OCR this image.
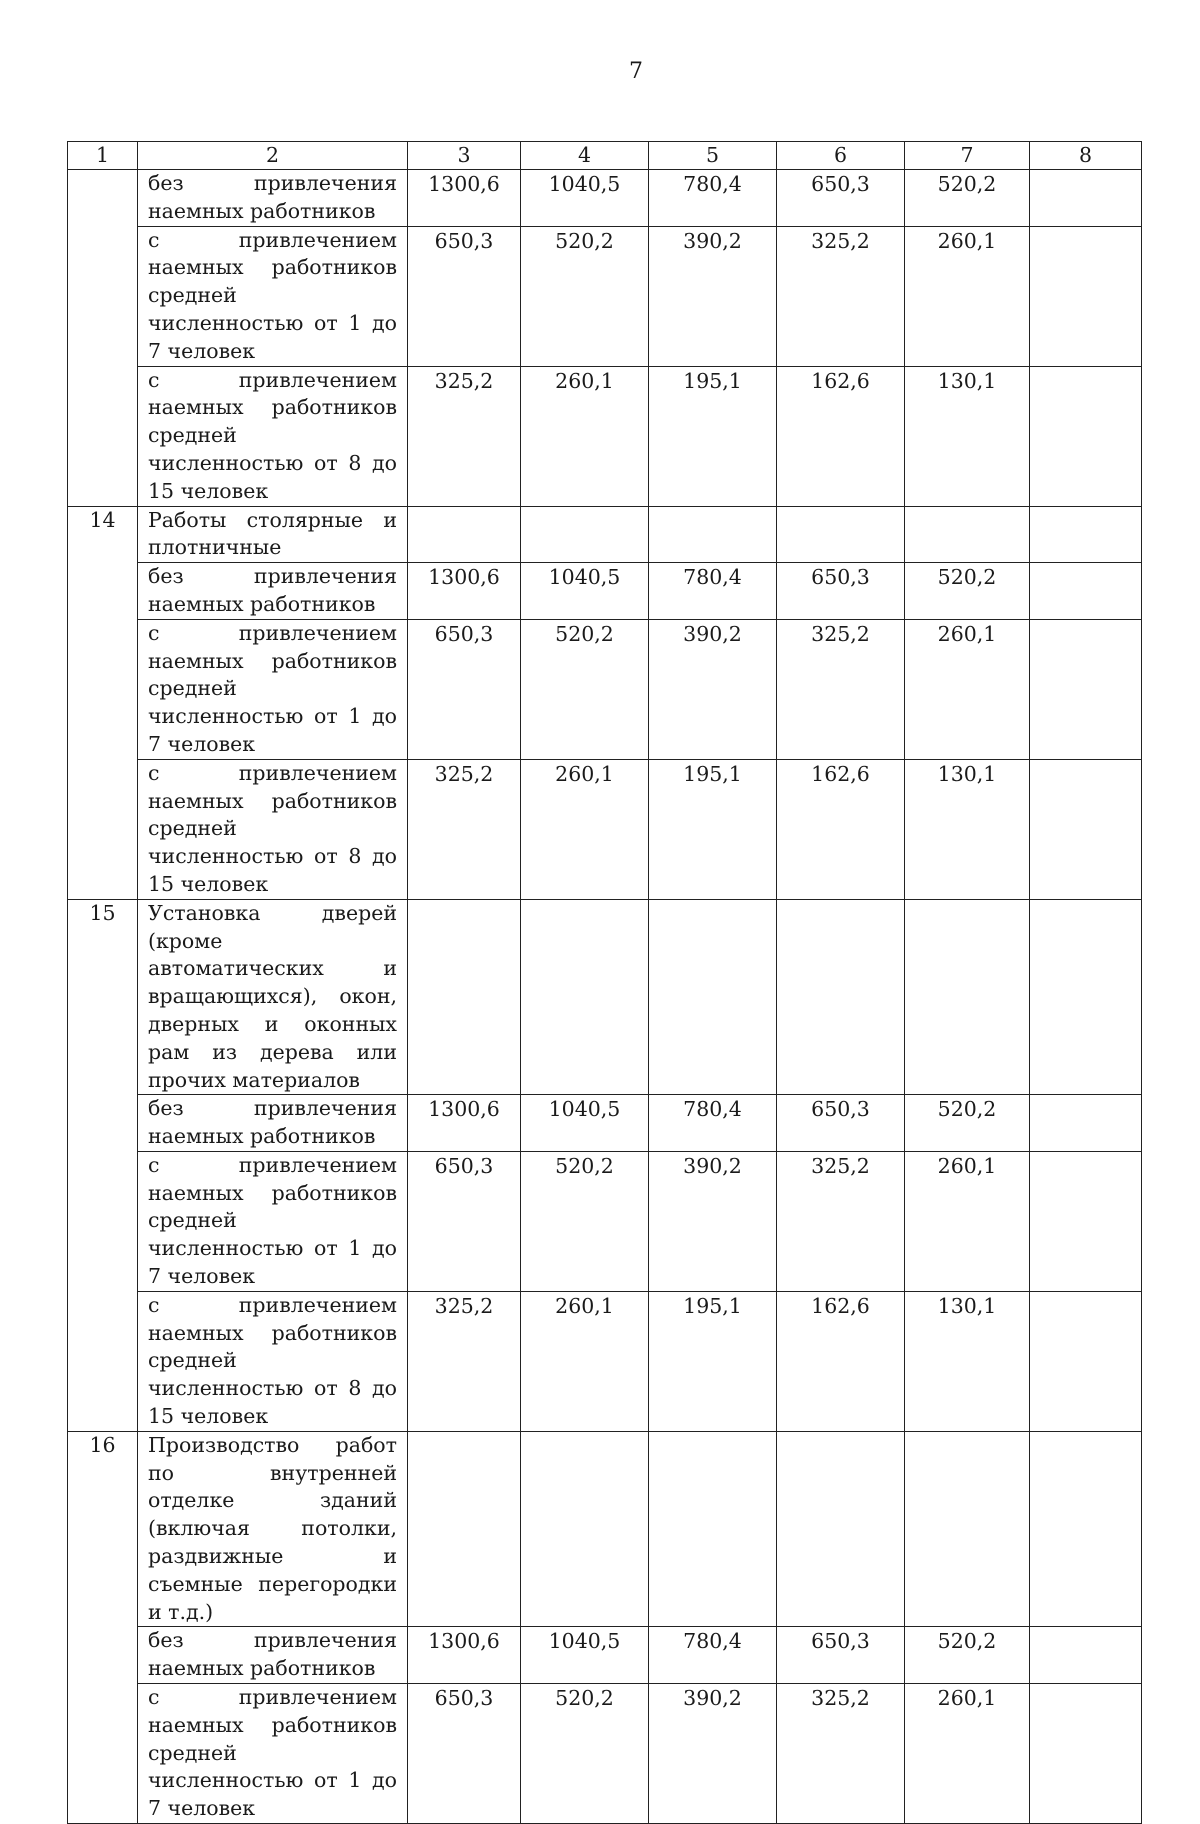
7
1	2	3	4	5	6	7	8
	без привлечения наемных работников	1300,6	1040,5	780,4	650,3	520,2	
	с привлечением наемных работников средней численностью от 1 до 7 человек	650,3	520,2	390,2	325,2	260,1	
	с привлечением наемных работников средней численностью от 8 до 15 человек	325,2	260,1	195,1	162,6	130,1	
14	Работы столярные и плотничные						
	без привлечения наемных работников	1300,6	1040,5	780,4	650,3	520,2	
	с привлечением наемных работников средней численностью от 1 до 7 человек	650,3	520,2	390,2	325,2	260,1	
	с привлечением наемных работников средней численностью от 8 до 15 человек	325,2	260,1	195,1	162,6	130,1	
15	Установка дверей (кроме автоматических и вращающихся), окон, дверных и оконных рам из дерева или прочих материалов						
	без привлечения наемных работников	1300,6	1040,5	780,4	650,3	520,2	
	с привлечением наемных работников средней численностью от 1 до 7 человек	650,3	520,2	390,2	325,2	260,1	
	с привлечением наемных работников средней численностью от 8 до 15 человек	325,2	260,1	195,1	162,6	130,1	
16	Производство работ по внутренней отделке зданий (включая потолки, раздвижные и съемные перегородки и т.д.)						
	без привлечения наемных работников	1300,6	1040,5	780,4	650,3	520,2	
	с привлечением наемных работников средней численностью от 1 до 7 человек	650,3	520,2	390,2	325,2	260,1	
